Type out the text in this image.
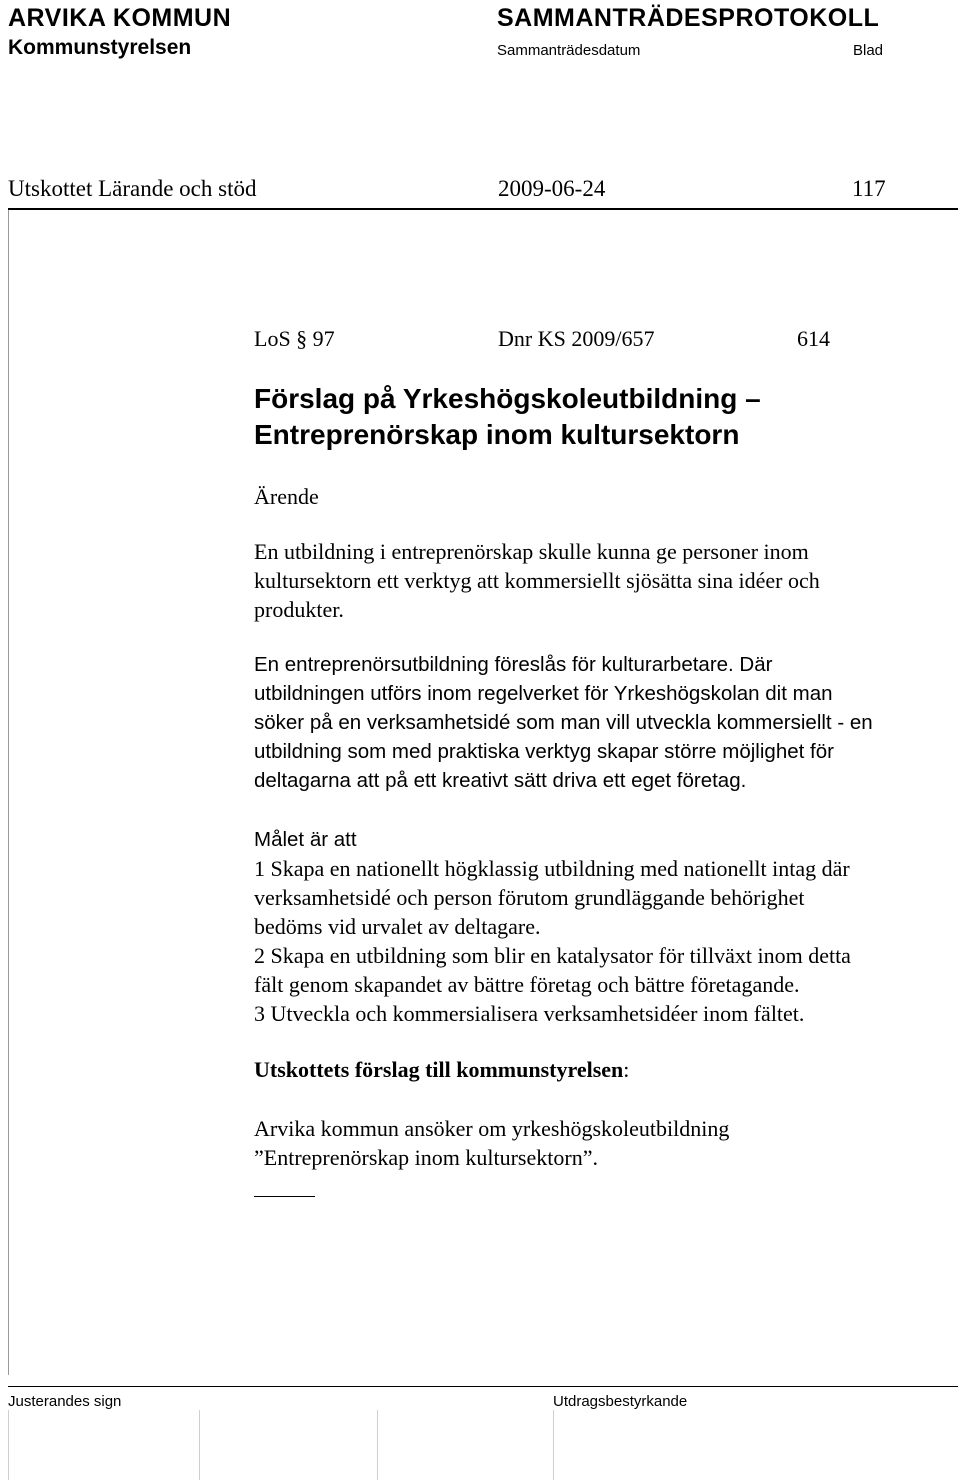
ARVIKA KOMMUN	SAMMANTRÄDESPROTOKOLL
Kommunstyrelsen	Sammanträdesdatum	Blad
Utskottet Lärande och stöd	2009-06-24	117
LoS § 97	Dnr KS 2009/657	614
Förslag på Yrkeshögskoleutbildning –
Entreprenörskap inom kultursektorn
Ärende
En utbildning i entreprenörskap skulle kunna ge personer inom
kultursektorn ett verktyg att kommersiellt sjösätta sina idéer och
produkter.
En entreprenörsutbildning föreslås för kulturarbetare. Där
utbildningen utförs inom regelverket för Yrkeshögskolan dit man
söker på en verksamhetsidé som man vill utveckla kommersiellt - en
utbildning som med praktiska verktyg skapar större möjlighet för
deltagarna att på ett kreativt sätt driva ett eget företag.
Målet är att
1 Skapa en nationellt högklassig utbildning med nationellt intag där
verksamhetsidé och person förutom grundläggande behörighet
bedöms vid urvalet av deltagare.
2 Skapa en utbildning som blir en katalysator för tillväxt inom detta
fält genom skapandet av bättre företag och bättre företagande.
3 Utveckla och kommersialisera verksamhetsidéer inom fältet.
Utskottets förslag till kommunstyrelsen:
Arvika kommun ansöker om yrkeshögskoleutbildning
”Entreprenörskap inom kultursektorn”.
Justerandes sign	Utdragsbestyrkande
